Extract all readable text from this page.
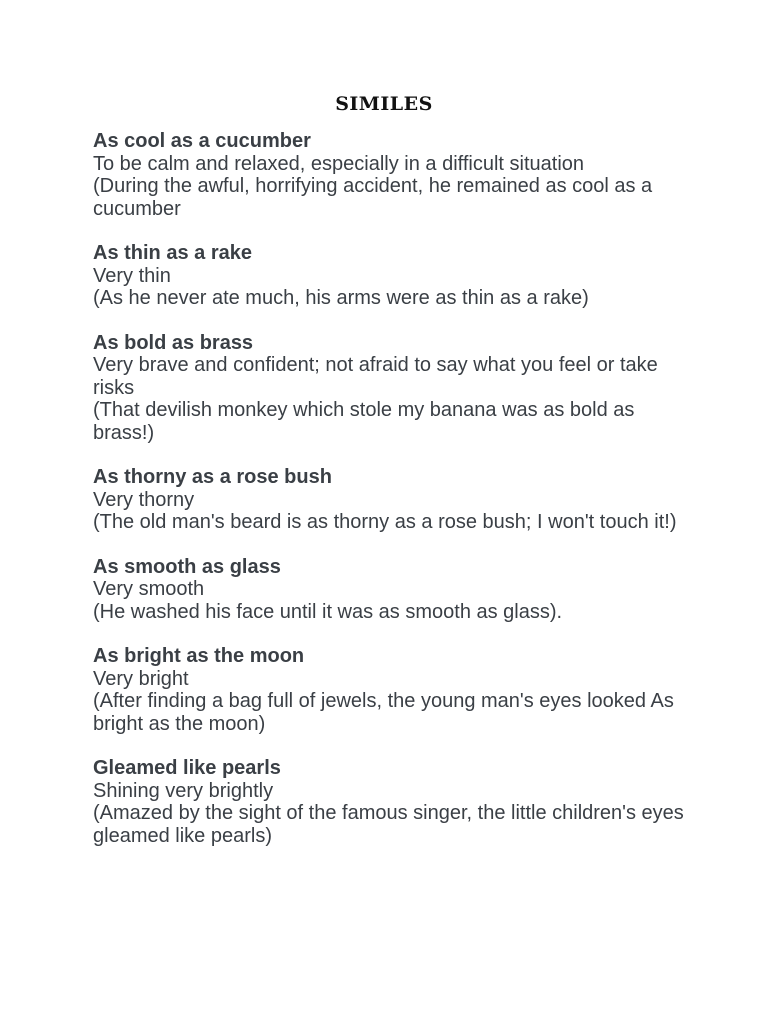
SIMILES
As cool as a cucumber
To be calm and relaxed, especially in a difficult situation
(During the awful, horrifying accident, he remained as cool as a cucumber
As thin as a rake
Very thin
(As he never ate much, his arms were as thin as a rake)
As bold as brass
Very brave and confident; not afraid to say what you feel or take risks
(That devilish monkey which stole my banana was as bold as brass!)
As thorny as a rose bush
Very thorny
(The old man's beard is as thorny as a rose bush; I won't touch it!)
As smooth as glass
Very smooth
(He washed his face until it was as smooth as glass).
As bright as the moon
Very bright
(After finding a bag full of jewels, the young man's eyes looked As bright as the moon)
Gleamed like pearls
Shining very brightly
(Amazed by the sight of the famous singer, the little children's eyes gleamed like pearls)
